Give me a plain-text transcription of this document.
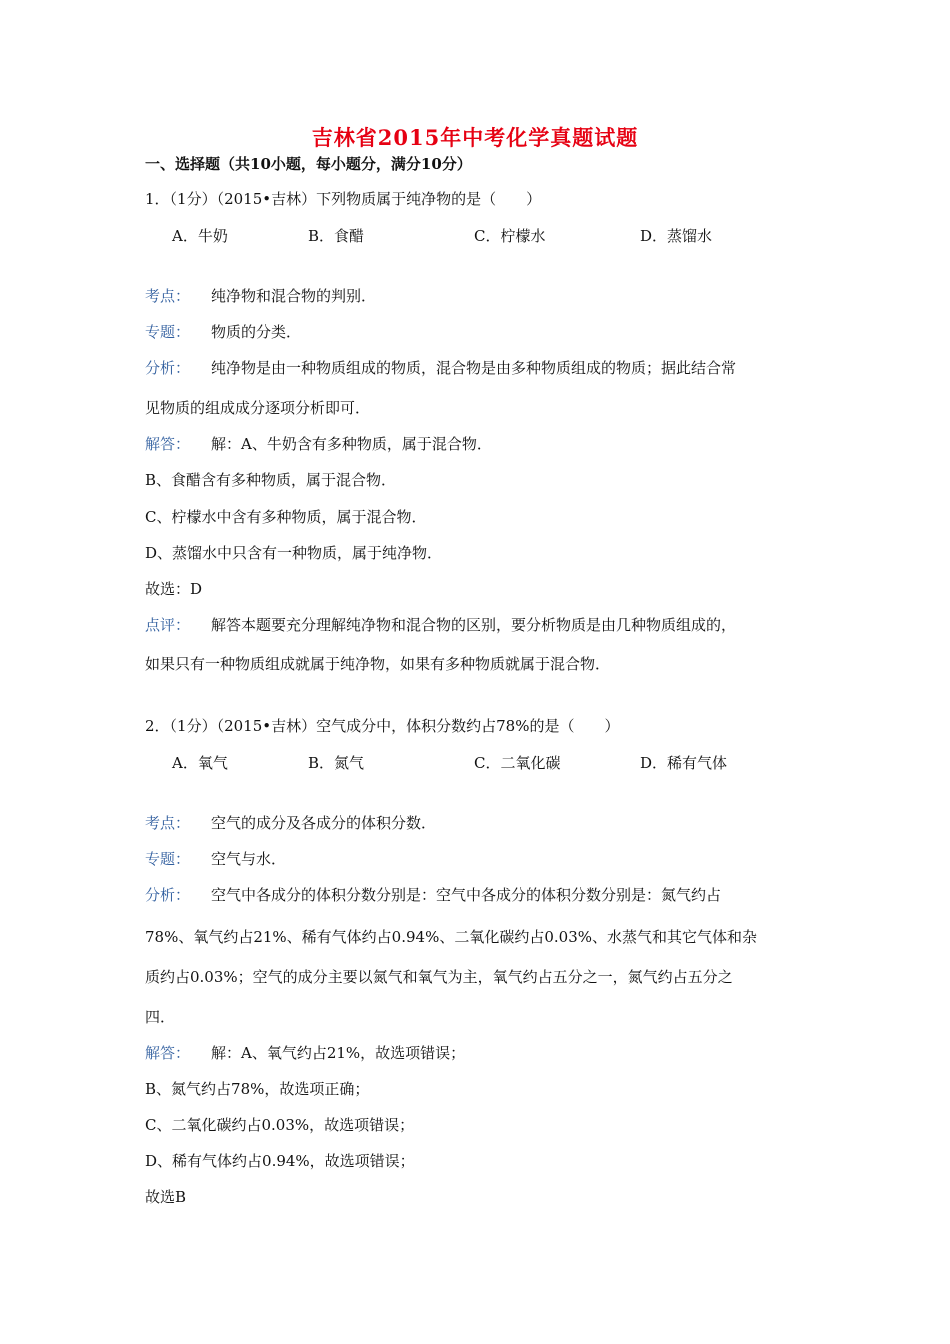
吉林省2015年中考化学真题试题
一、选择题（共10小题，每小题分，满分10分）
1．（1分）（2015•吉林）下列物质属于纯净物的是（　　）
A．牛奶	B．食醋	C．柠檬水	D．蒸馏水
考点： 纯净物和混合物的判别．
专题： 物质的分类．
分析： 纯净物是由一种物质组成的物质，混合物是由多种物质组成的物质；据此结合常
见物质的组成成分逐项分析即可．
解答： 解：A、牛奶含有多种物质，属于混合物．
B、食醋含有多种物质，属于混合物．
C、柠檬水中含有多种物质，属于混合物．
D、蒸馏水中只含有一种物质，属于纯净物．
故选：D
点评： 解答本题要充分理解纯净物和混合物的区别，要分析物质是由几种物质组成的，
如果只有一种物质组成就属于纯净物，如果有多种物质就属于混合物．
2．（1分）（2015•吉林）空气成分中，体积分数约占78%的是（　　）
A．氧气	B．氮气	C．二氧化碳	D．稀有气体
考点： 空气的成分及各成分的体积分数．
专题： 空气与水．
分析： 空气中各成分的体积分数分别是：空气中各成分的体积分数分别是：氮气约占
78%、氧气约占21%、稀有气体约占0.94%、二氧化碳约占0.03%、水蒸气和其它气体和杂
质约占0.03%；空气的成分主要以氮气和氧气为主，氧气约占五分之一，氮气约占五分之
四．
解答： 解：A、氧气约占21%，故选项错误；
B、氮气约占78%，故选项正确；
C、二氧化碳约占0.03%，故选项错误；
D、稀有气体约占0.94%，故选项错误；
故选B
